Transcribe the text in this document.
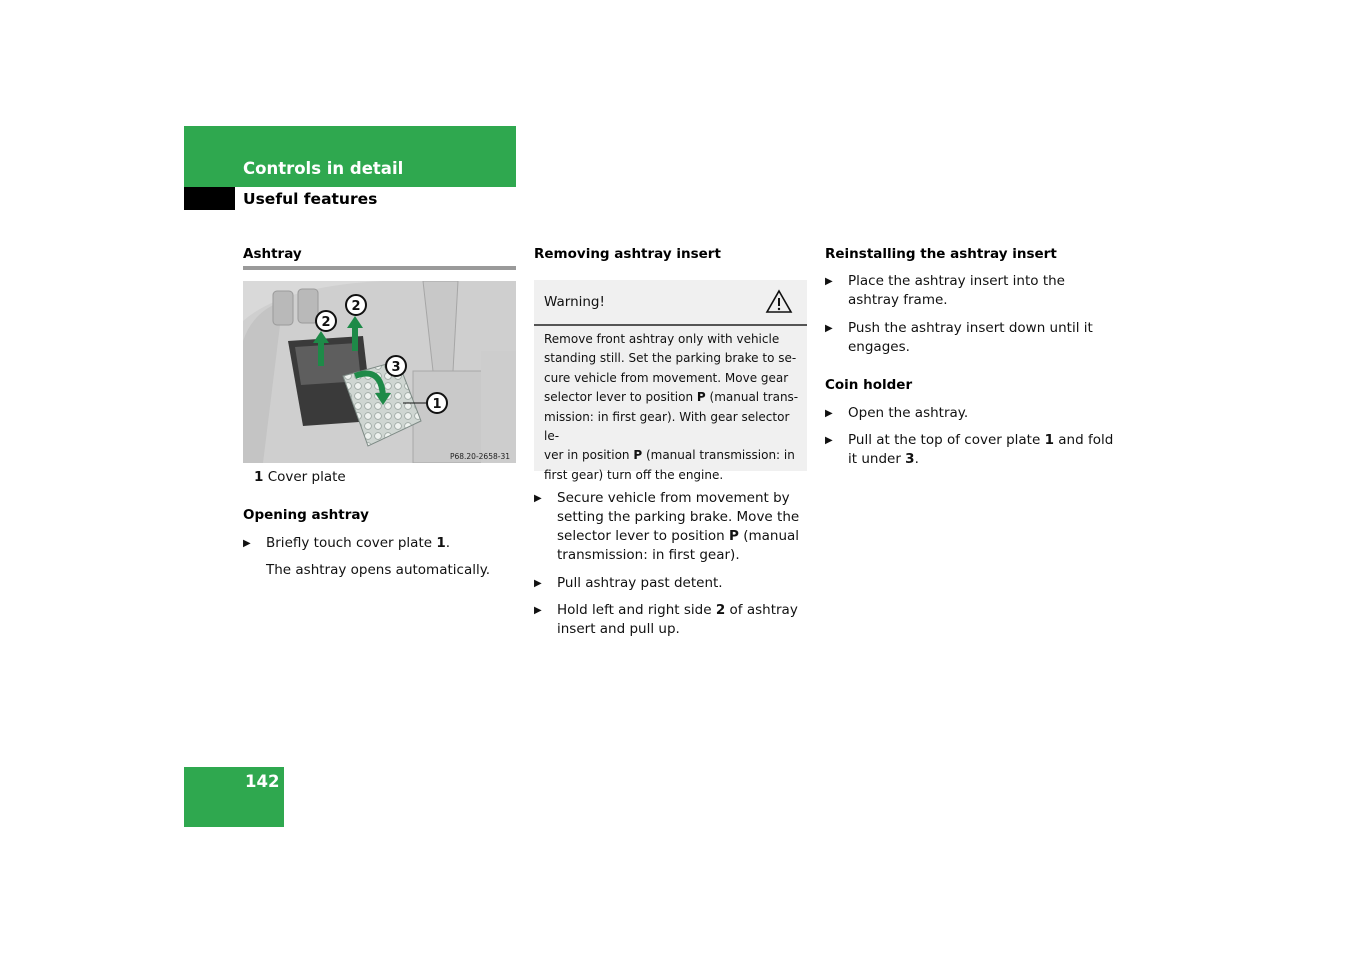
Controls in detail
Useful features
Ashtray
2
2
3
1
P68.20-2658-31
1 Cover plate
Opening ashtray
▶ Briefly touch cover plate 1.
The ashtray opens automatically.
Removing ashtray insert
Warning!
Remove front ashtray only with vehicle
standing still. Set the parking brake to se-
cure vehicle from movement. Move gear
selector lever to position P (manual trans-
mission: in first gear). With gear selector le-
ver in position P (manual transmission: in
first gear) turn off the engine.
▶ Secure vehicle from movement by
setting the parking brake. Move the
selector lever to position P (manual
transmission: in first gear).
▶ Pull ashtray past detent.
▶ Hold left and right side 2 of ashtray
insert and pull up.
Reinstalling the ashtray insert
▶ Place the ashtray insert into the
ashtray frame.
▶ Push the ashtray insert down until it
engages.
Coin holder
▶ Open the ashtray.
▶ Pull at the top of cover plate 1 and fold
it under 3.
142
